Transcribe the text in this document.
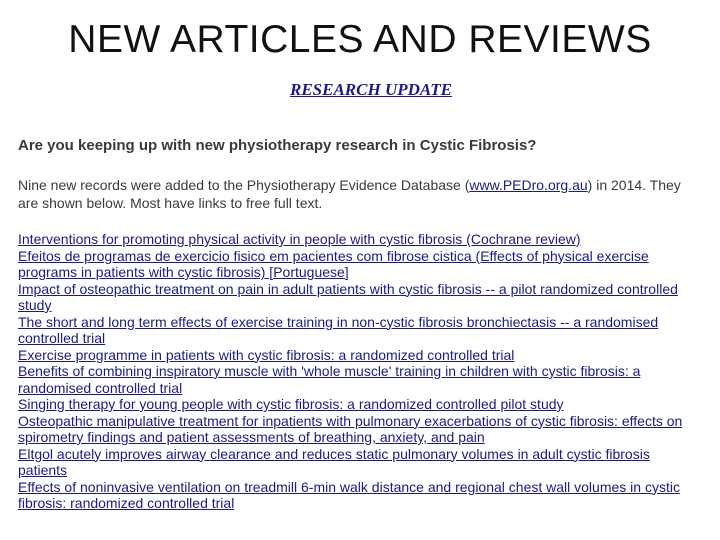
NEW ARTICLES AND REVIEWS
RESEARCH UPDATE

Are you keeping up with new physiotherapy research in Cystic Fibrosis?

Nine new records were added to the Physiotherapy Evidence Database (www.PEDro.org.au) in 2014. They are shown below. Most have links to free full text.

Interventions for promoting physical activity in people with cystic fibrosis (Cochrane review)
Efeitos de programas de exercicio fisico em pacientes com fibrose cistica (Effects of physical exercise programs in patients with cystic fibrosis) [Portuguese]
Impact of osteopathic treatment on pain in adult patients with cystic fibrosis -- a pilot randomized controlled study
The short and long term effects of exercise training in non-cystic fibrosis bronchiectasis -- a randomised controlled trial
Exercise programme in patients with cystic fibrosis: a randomized controlled trial
Benefits of combining inspiratory muscle with 'whole muscle' training in children with cystic fibrosis: a randomised controlled trial
Singing therapy for young people with cystic fibrosis: a randomized controlled pilot study
Osteopathic manipulative treatment for inpatients with pulmonary exacerbations of cystic fibrosis: effects on spirometry findings and patient assessments of breathing, anxiety, and pain
Eltgol acutely improves airway clearance and reduces static pulmonary volumes in adult cystic fibrosis patients
Effects of noninvasive ventilation on treadmill 6-min walk distance and regional chest wall volumes in cystic fibrosis: randomized controlled trial
